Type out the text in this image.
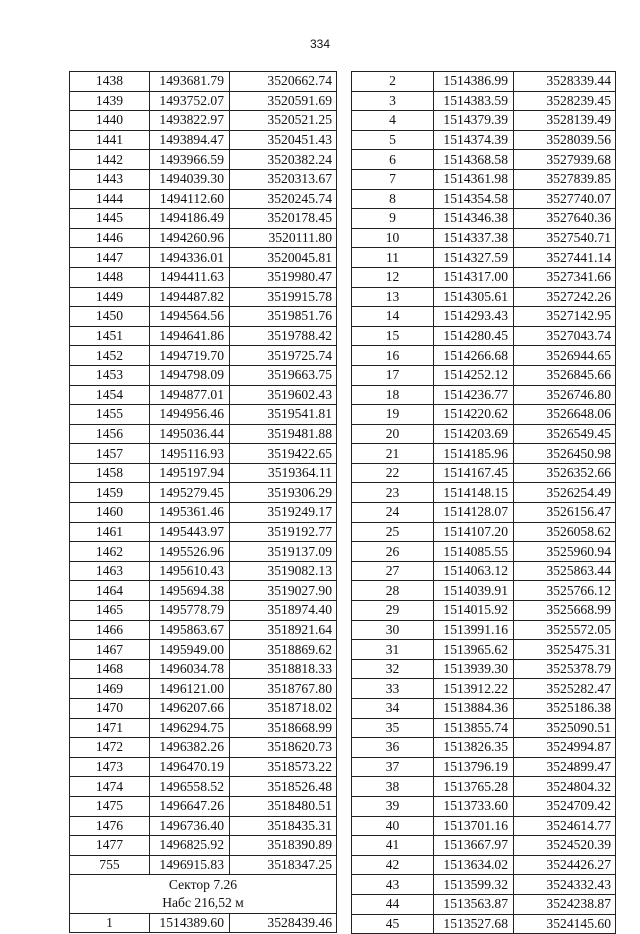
334
1438	1493681.79	3520662.74
1439	1493752.07	3520591.69
1440	1493822.97	3520521.25
1441	1493894.47	3520451.43
1442	1493966.59	3520382.24
1443	1494039.30	3520313.67
1444	1494112.60	3520245.74
1445	1494186.49	3520178.45
1446	1494260.96	3520111.80
1447	1494336.01	3520045.81
1448	1494411.63	3519980.47
1449	1494487.82	3519915.78
1450	1494564.56	3519851.76
1451	1494641.86	3519788.42
1452	1494719.70	3519725.74
1453	1494798.09	3519663.75
1454	1494877.01	3519602.43
1455	1494956.46	3519541.81
1456	1495036.44	3519481.88
1457	1495116.93	3519422.65
1458	1495197.94	3519364.11
1459	1495279.45	3519306.29
1460	1495361.46	3519249.17
1461	1495443.97	3519192.77
1462	1495526.96	3519137.09
1463	1495610.43	3519082.13
1464	1495694.38	3519027.90
1465	1495778.79	3518974.40
1466	1495863.67	3518921.64
1467	1495949.00	3518869.62
1468	1496034.78	3518818.33
1469	1496121.00	3518767.80
1470	1496207.66	3518718.02
1471	1496294.75	3518668.99
1472	1496382.26	3518620.73
1473	1496470.19	3518573.22
1474	1496558.52	3518526.48
1475	1496647.26	3518480.51
1476	1496736.40	3518435.31
1477	1496825.92	3518390.89
755	1496915.83	3518347.25
Сектор 7.26		
Набс 216,52 м		
1	1514389.60	3528439.46
2	1514386.99	3528339.44
3	1514383.59	3528239.45
4	1514379.39	3528139.49
5	1514374.39	3528039.56
6	1514368.58	3527939.68
7	1514361.98	3527839.85
8	1514354.58	3527740.07
9	1514346.38	3527640.36
10	1514337.38	3527540.71
11	1514327.59	3527441.14
12	1514317.00	3527341.66
13	1514305.61	3527242.26
14	1514293.43	3527142.95
15	1514280.45	3527043.74
16	1514266.68	3526944.65
17	1514252.12	3526845.66
18	1514236.77	3526746.80
19	1514220.62	3526648.06
20	1514203.69	3526549.45
21	1514185.96	3526450.98
22	1514167.45	3526352.66
23	1514148.15	3526254.49
24	1514128.07	3526156.47
25	1514107.20	3526058.62
26	1514085.55	3525960.94
27	1514063.12	3525863.44
28	1514039.91	3525766.12
29	1514015.92	3525668.99
30	1513991.16	3525572.05
31	1513965.62	3525475.31
32	1513939.30	3525378.79
33	1513912.22	3525282.47
34	1513884.36	3525186.38
35	1513855.74	3525090.51
36	1513826.35	3524994.87
37	1513796.19	3524899.47
38	1513765.28	3524804.32
39	1513733.60	3524709.42
40	1513701.16	3524614.77
41	1513667.97	3524520.39
42	1513634.02	3524426.27
43	1513599.32	3524332.43
44	1513563.87	3524238.87
45	1513527.68	3524145.60
